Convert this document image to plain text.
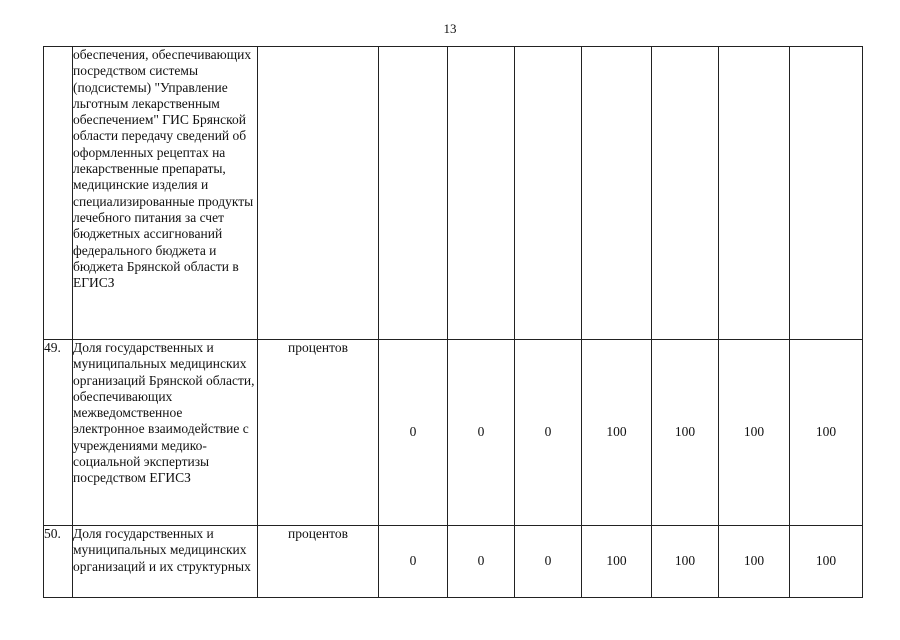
13
	обеспечения, обеспечивающих посредством системы (подсистемы) "Управление льготным лекарственным обеспечением" ГИС Брянской области передачу сведений об оформленных рецептах на лекарственные препараты, медицинские изделия и специализированные продукты лечебного питания за счет бюджетных ассигнований федерального бюджета и бюджета Брянской области в ЕГИСЗ								
49.	Доля государственных и муниципальных медицинских организаций Брянской области, обеспечивающих межведомственное электронное взаимодействие с учреждениями медико-социальной экспертизы посредством ЕГИСЗ	процентов	0	0	0	100	100	100	100
50.	Доля государственных и муниципальных медицинских организаций и их структурных	процентов	0	0	0	100	100	100	100
